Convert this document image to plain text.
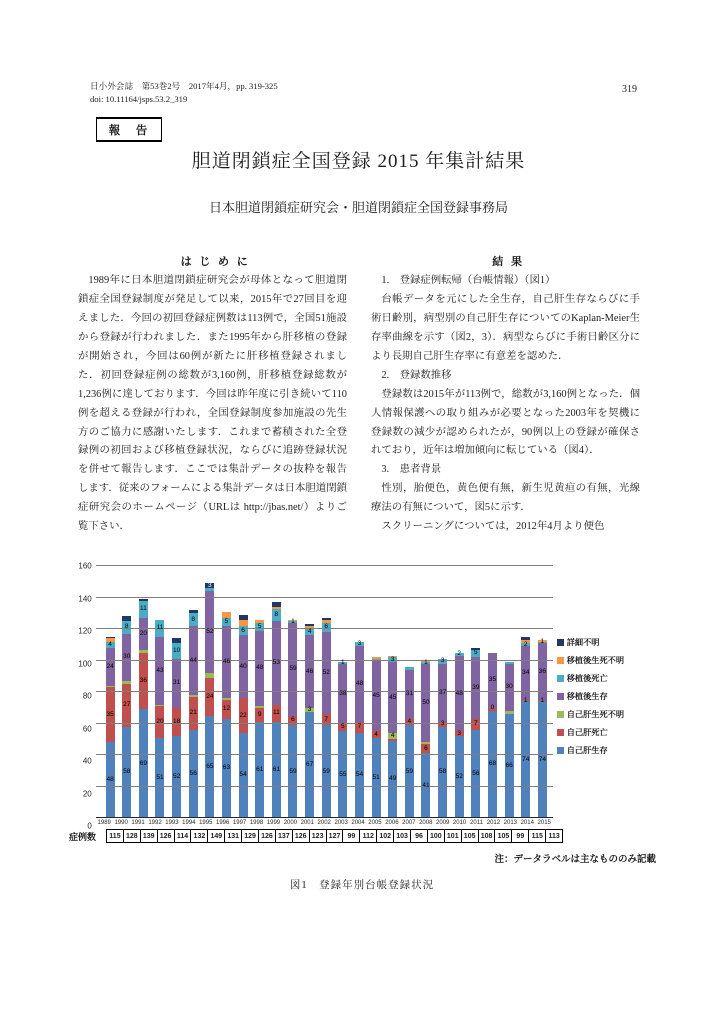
日小外会誌　第53巻2号　2017年4月，pp. 319-325
doi: 10.11164/jsps.53.2_319
319
報　告
胆道閉鎖症全国登録 2015 年集計結果
日本胆道閉鎖症研究会・胆道閉鎖症全国登録事務局

はじめに

1989年に日本胆道閉鎖症研究会が母体となって胆道閉鎖症全国登録制度が発足して以来，2015年で27回目を迎えました．今回の初回登録症例数は113例で，全国51施設から登録が行われました．また1995年から肝移植の登録が開始され，今回は60例が新たに肝移植登録されました．初回登録症例の総数が3,160例，肝移植登録総数が1,236例に達しております．今回は昨年度に引き続いて110例を超える登録が行われ，全国登録制度参加施設の先生方のご協力に感謝いたします．これまで蓄積された全登録例の初回および移植登録状況，ならびに追跡登録状況を併せて報告します．ここでは集計データの抜粋を報告します．従来のフォームによる集計データは日本胆道閉鎖症研究会のホームページ（URLは http://jbas.net/）よりご覧下さい．

結果

1.　登録症例転帰（台帳情報）（図1）

台帳データを元にした全生存，自己肝生存ならびに手術日齢別，病型別の自己肝生存についてのKaplan-Meier生存率曲線を示す（図2，3）．病型ならびに手術日齢区分により長期自己肝生存率に有意差を認めた．

2.　登録数推移

登録数は2015年が113例で，総数が3,160例となった．個人情報保護への取り組みが必要となった2003年を契機に登録数の減少が認められたが，90例以上の登録が確保されており，近年は増加傾向に転じている（図4）．

3.　患者背景

性別，胎便色，黄色便有無，新生児黄疸の有無，光線療法の有無について，図5に示す．

スクリーニングについては，2012年4月より便色

0
20
40
60
80
100
120
140
160
48
35
24
4
58
27
30
8
69
36
20
11
51
20
43
11
52
18
31
10
56
21
44
8
65
24
52
3
63
12
46
5
54
22
40
6
61
9
48
5
61
11
53
8
59
6
59
1
67
3
46
4
59
7
52
6
55
5
38
1
54
7
48
3
51
4
45
49
4
45
3
59
4
31
41
6
50
1
58
3
37
3
52
3
48
2
56
7
39
5
68
0
35
66
30
74
1
34
2
74
1
36
1
1989 1990 1991 1992 1993 1994 1995 1996 1997 1998 1999 2000 2001 2002 2003 2004 2005 2006 2007 2008 2009 2010 2011 2012 2013 2014 2015
詳細不明
移植後生死不明
移植後死亡
移植後生存
自己肝生死不明
自己肝死亡
自己肝生存
症例数	115 128 139 126 114 132 149 131 129 126 137 126 123 127	99	112 102 103	96	100 101 105 108 105	99	115 113
注：データラベルは主なもののみ記載
図1　登録年別台帳登録状況
